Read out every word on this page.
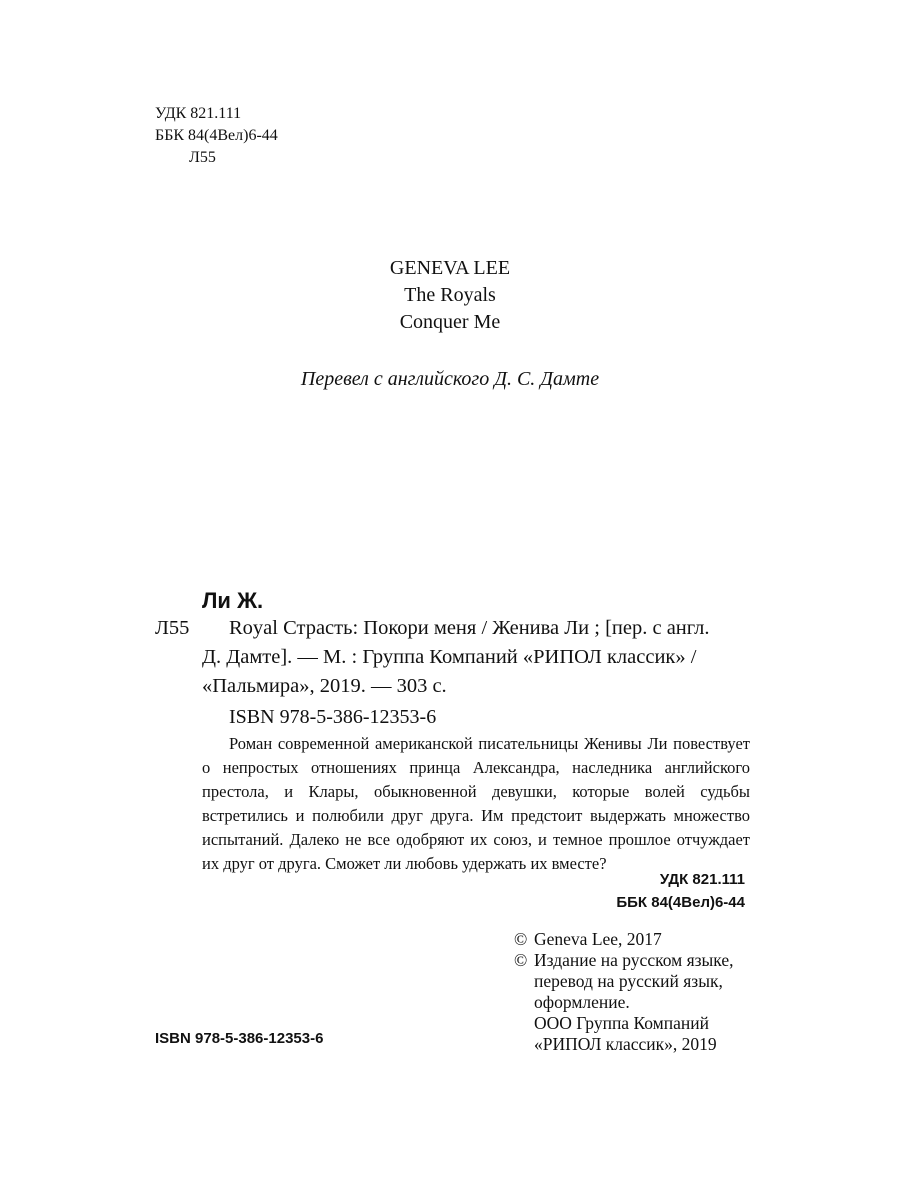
УДК 821.111
ББК 84(4Вел)6-44
Л55
GENEVA LEE
The Royals
Conquer Me
Перевел с английского Д. С. Дамте
Ли Ж.
Л55 Royal Страсть: Покори меня / Женива Ли ; [пер. с англ.
Д. Дамте]. — М. : Группа Компаний «РИПОЛ классик» /
«Пальмира», 2019. — 303 с.
ISBN 978-5-386-12353-6

Роман современной американской писательницы Женивы Ли повествует о непростых отношениях принца Александра, наследника английского престола, и Клары, обыкновенной девушки, которые волей судьбы встретились и полюбили друг друга. Им предстоит выдержать множество испытаний. Далеко не все одобряют их союз, и темное прошлое отчуждает их друг от друга. Сможет ли любовь удержать их вместе?

УДК 821.111
ББК 84(4Вел)6-44
© Geneva Lee, 2017
© Издание на русском языке,
перевод на русский язык,
оформление.
ООО Группа Компаний
«РИПОЛ классик», 2019
ISBN 978-5-386-12353-6
